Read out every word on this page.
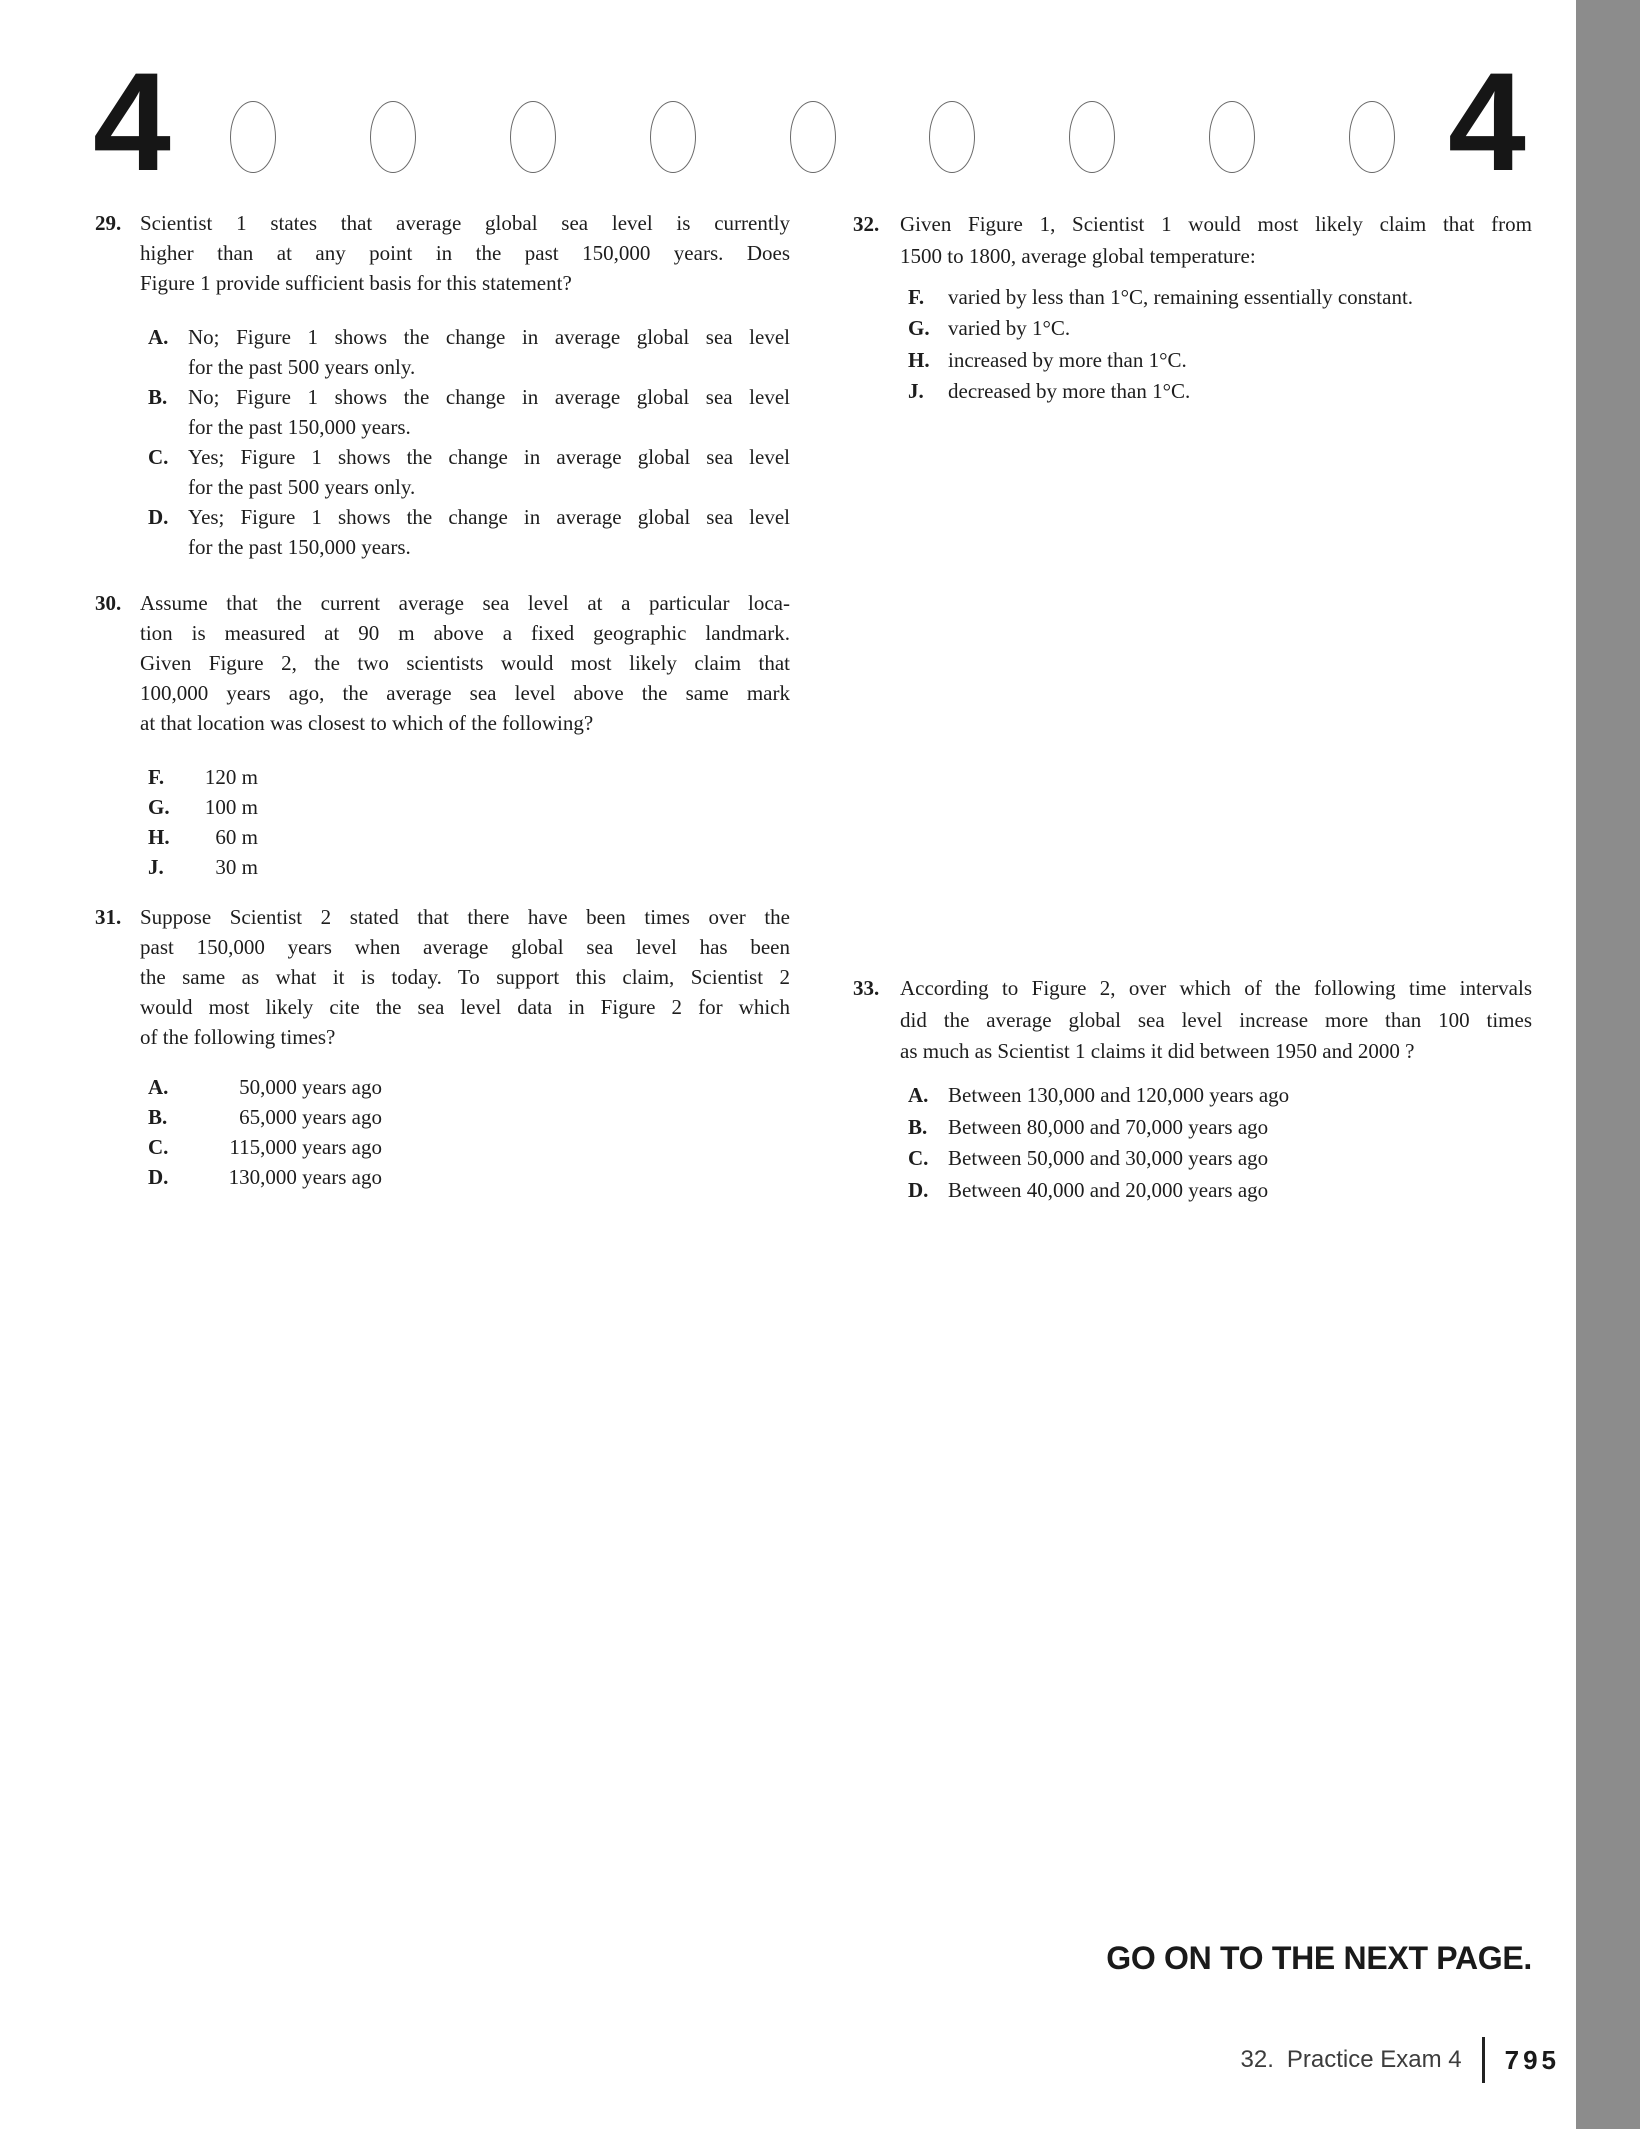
4	4
29. Scientist 1 states that average global sea level is currently
higher than at any point in the past 150,000 years. Does
Figure 1 provide sufficient basis for this statement?
A. No; Figure 1 shows the change in average global sea level
for the past 500 years only.
B. No; Figure 1 shows the change in average global sea level
for the past 150,000 years.
C. Yes; Figure 1 shows the change in average global sea level
for the past 500 years only.
D. Yes; Figure 1 shows the change in average global sea level
for the past 150,000 years.
30. Assume that the current average sea level at a particular loca-
tion is measured at 90 m above a fixed geographic landmark.
Given Figure 2, the two scientists would most likely claim that
100,000 years ago, the average sea level above the same mark
at that location was closest to which of the following?
F.	120 m
G.	100 m
H.	60 m
J.	30 m
31. Suppose Scientist 2 stated that there have been times over the
past 150,000 years when average global sea level has been
the same as what it is today. To support this claim, Scientist 2
would most likely cite the sea level data in Figure 2 for which
of the following times?
A.	50,000 years ago
B.	65,000 years ago
C.	115,000 years ago
D.	130,000 years ago
32. Given Figure 1, Scientist 1 would most likely claim that from
1500 to 1800, average global temperature:
F. varied by less than 1°C, remaining essentially constant.
G. varied by 1°C.
H. increased by more than 1°C.
J. decreased by more than 1°C.
33. According to Figure 2, over which of the following time intervals
did the average global sea level increase more than 100 times
as much as Scientist 1 claims it did between 1950 and 2000 ?
A. Between 130,000 and 120,000 years ago
B. Between 80,000 and 70,000 years ago
C. Between 50,000 and 30,000 years ago
D. Between 40,000 and 20,000 years ago
GO ON TO THE NEXT PAGE.
32. Practice Exam 4 795
